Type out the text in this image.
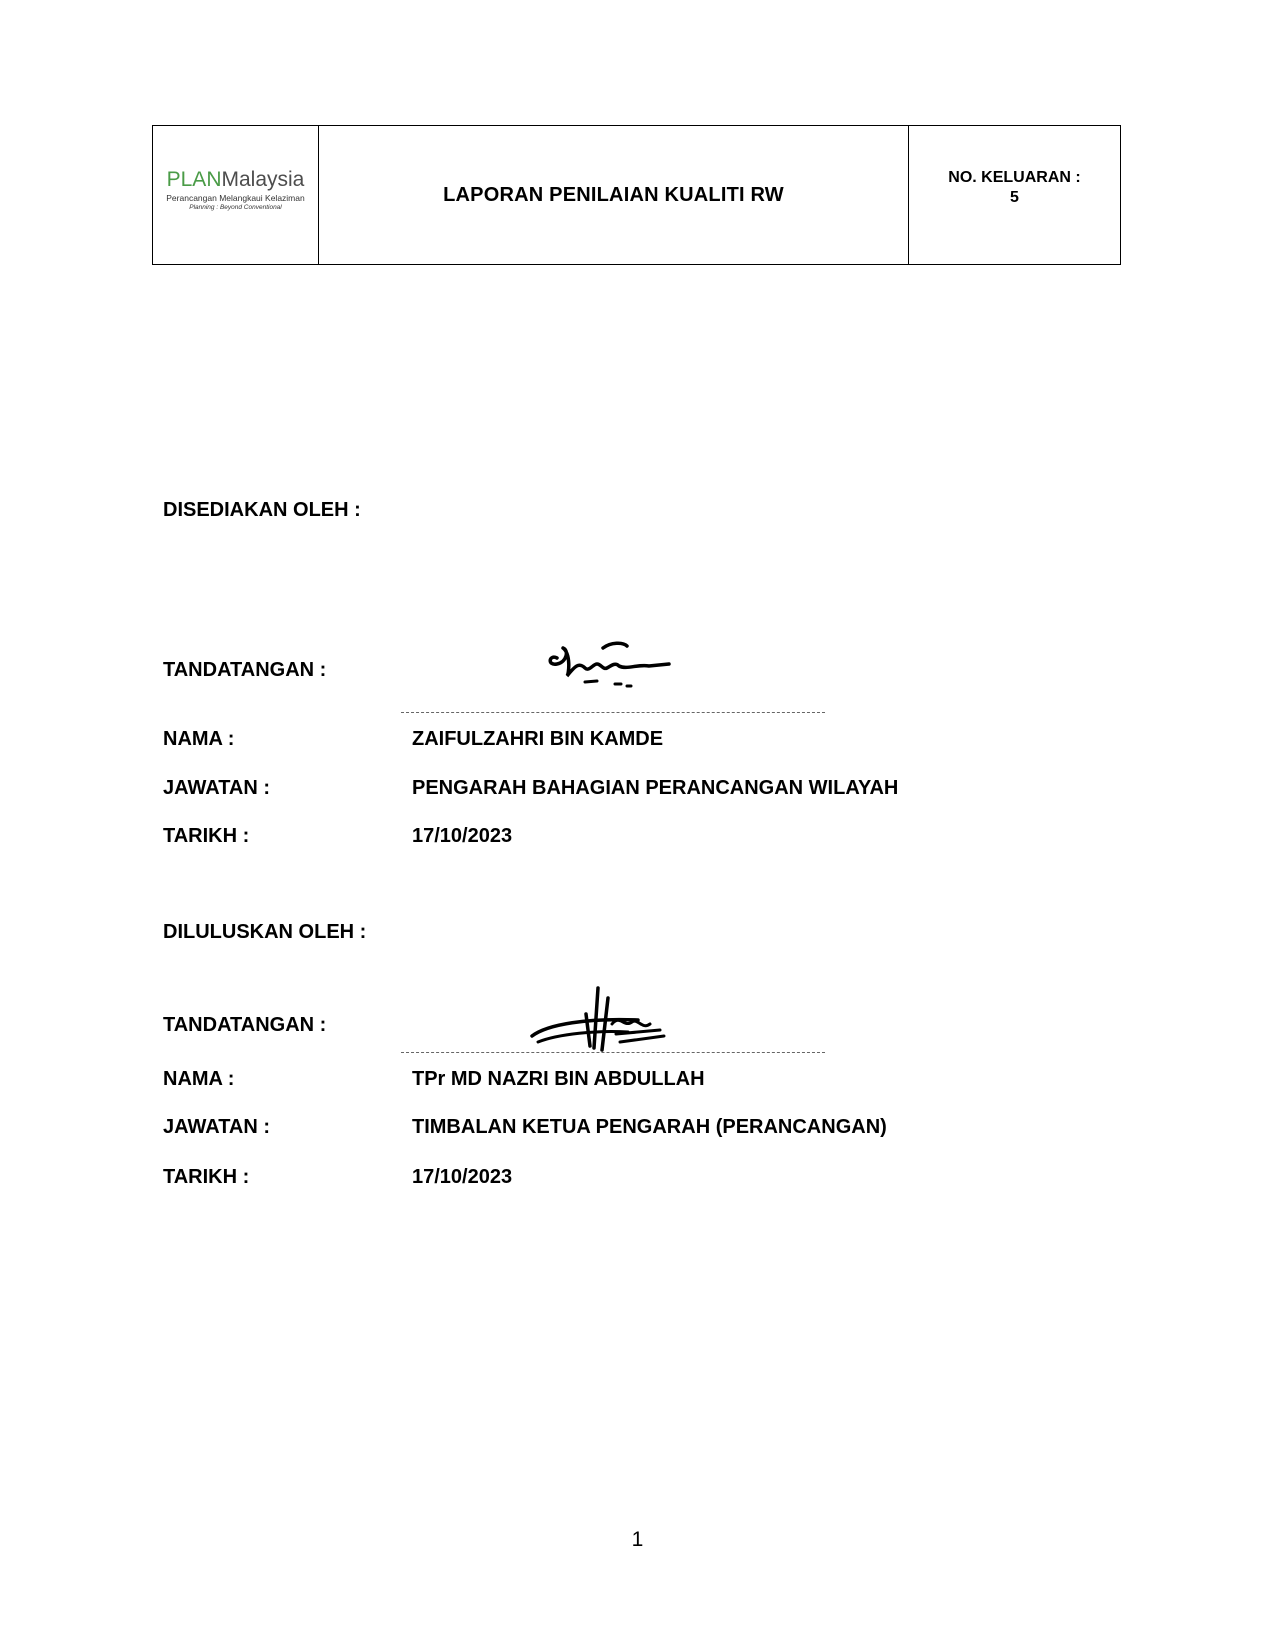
PLANMalaysia
Perancangan Melangkaui Kelaziman
Planning : Beyond Conventional
LAPORAN PENILAIAN KUALITI RW
NO. KELUARAN :
5
DISEDIAKAN OLEH :
TANDATANGAN :
NAMA :	ZAIFULZAHRI BIN KAMDE
JAWATAN :	PENGARAH BAHAGIAN PERANCANGAN WILAYAH
TARIKH :	17/10/2023
DILULUSKAN OLEH :
TANDATANGAN :
NAMA :	TPr MD NAZRI BIN ABDULLAH
JAWATAN :	TIMBALAN KETUA PENGARAH (PERANCANGAN)
TARIKH :	17/10/2023
1
